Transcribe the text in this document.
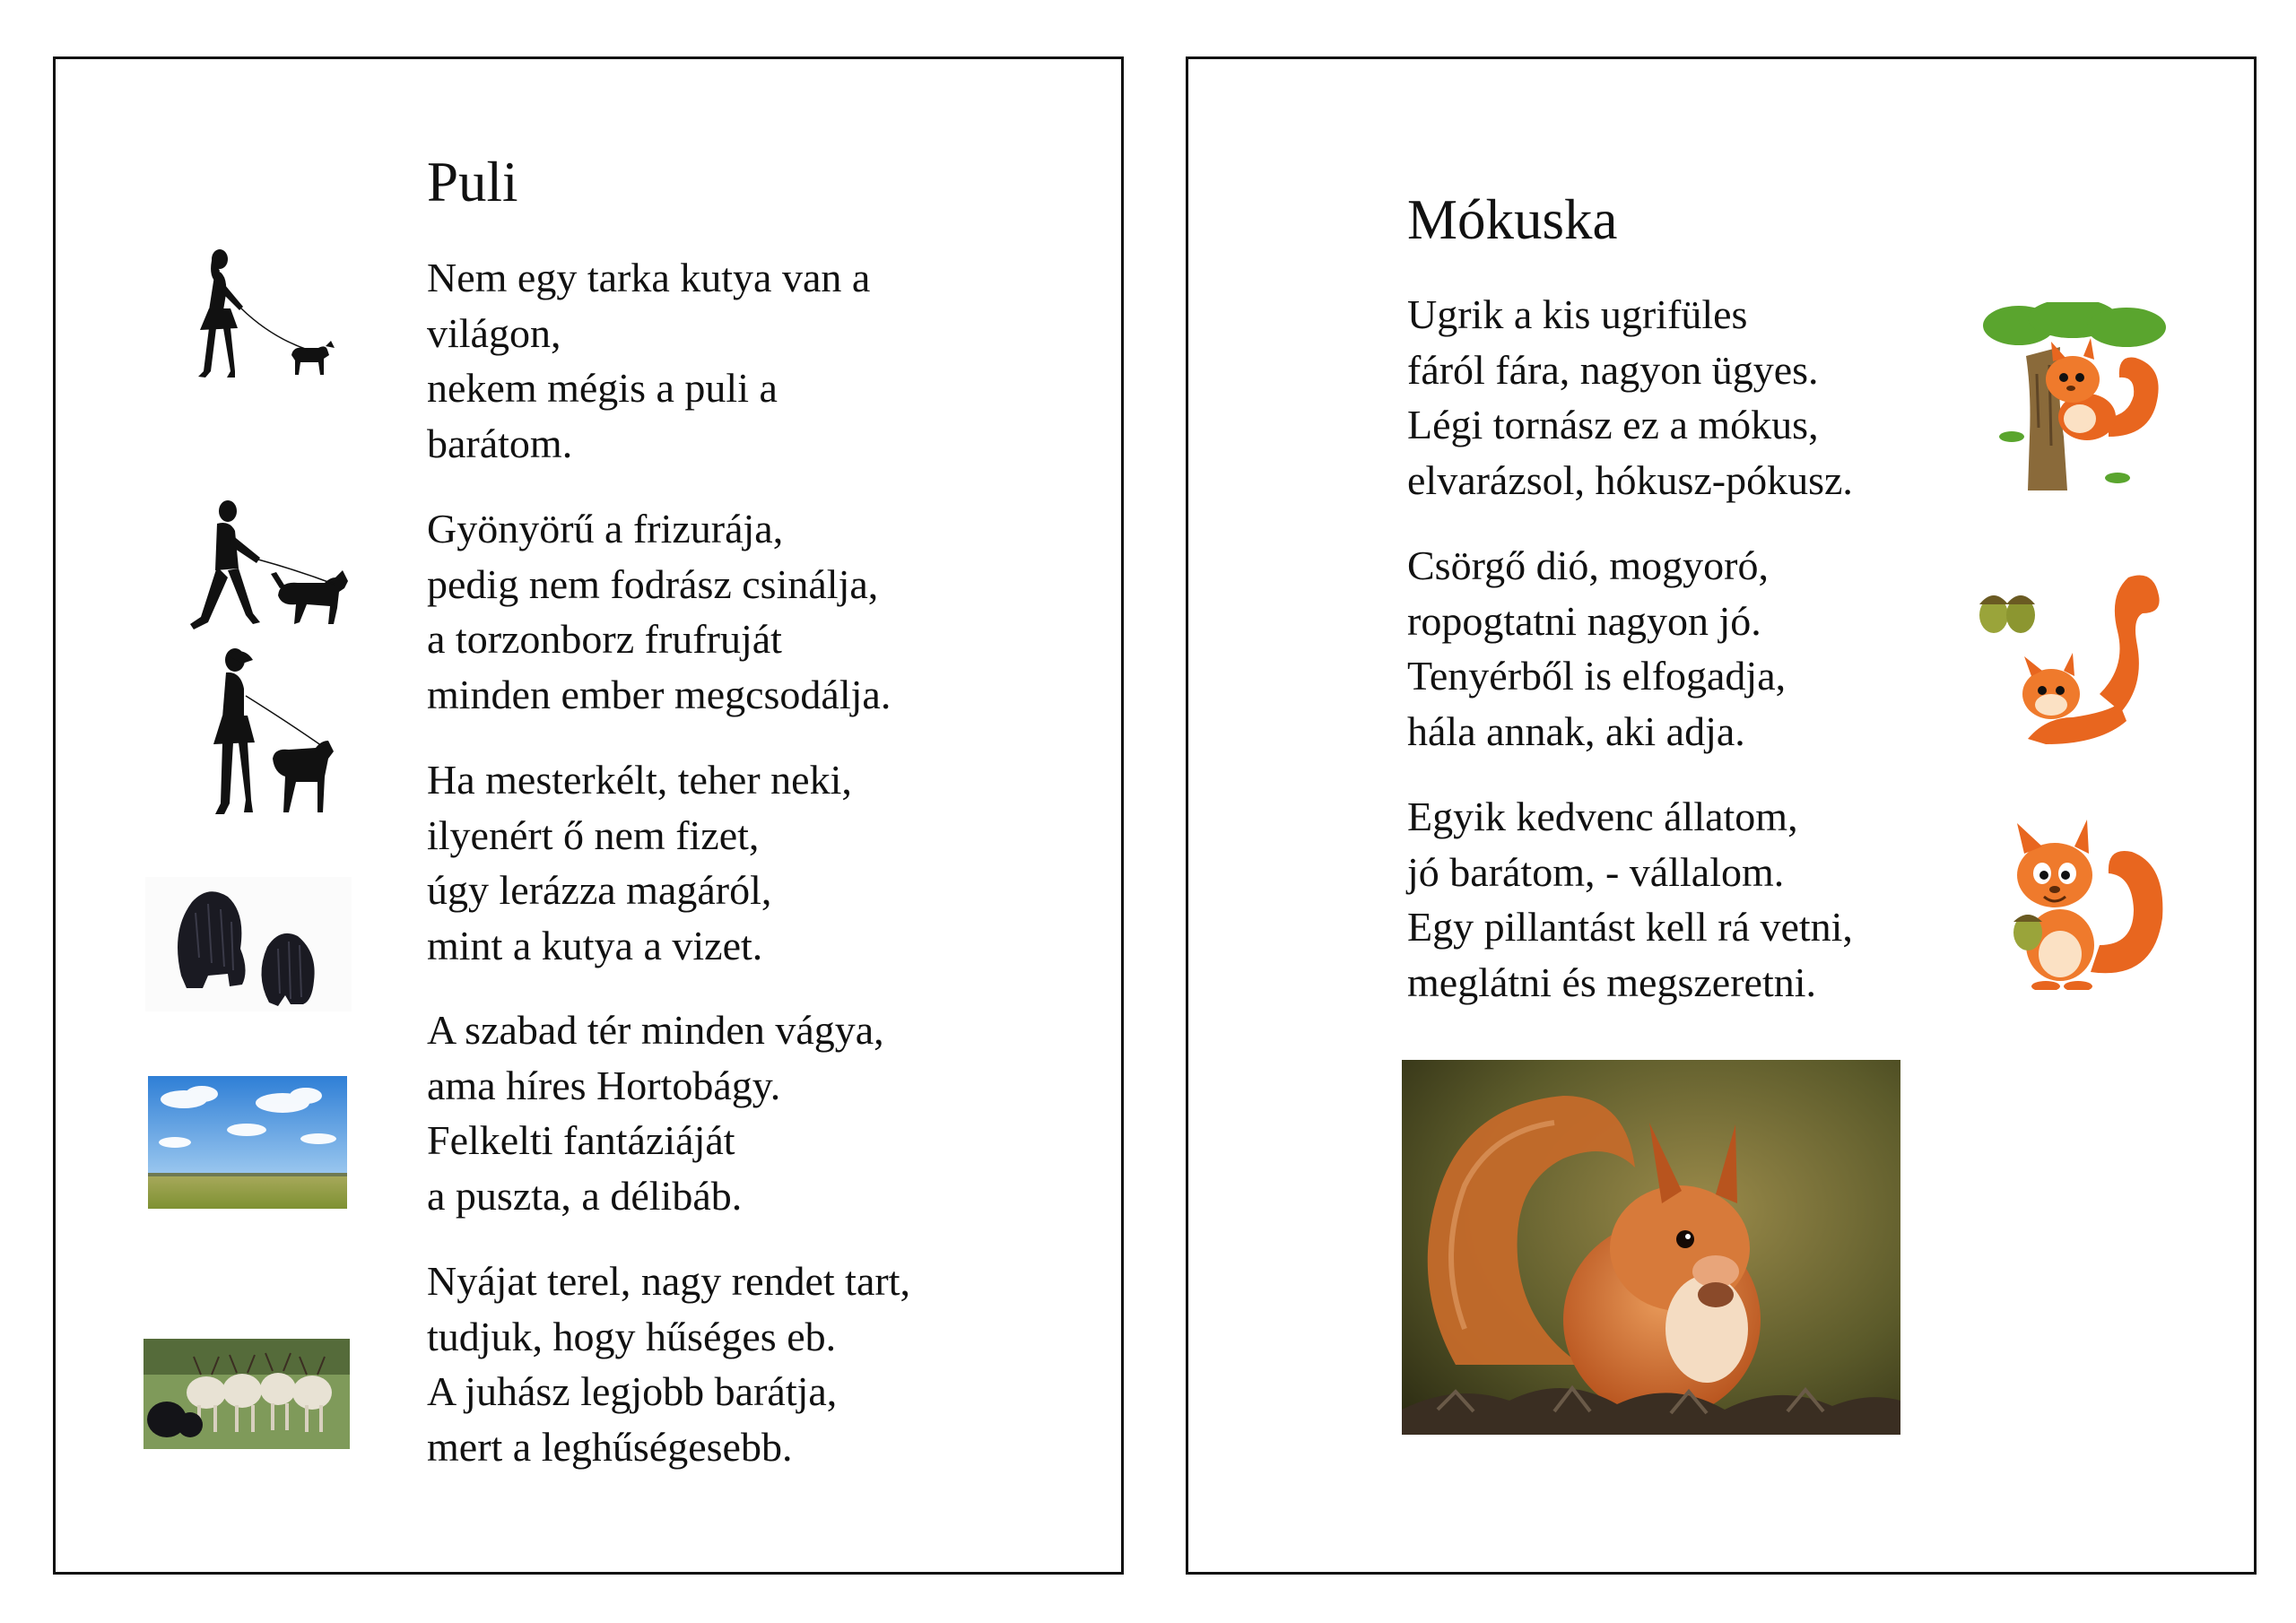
Puli
Nem egy tarka kutya van a
világon,
nekem mégis a puli a
barátom.
Gyönyörű a frizurája,
pedig nem fodrász csinálja,
a torzonborz frufruját
minden ember megcsodálja.
Ha mesterkélt, teher neki,
ilyenért ő nem fizet,
úgy lerázza magáról,
mint a kutya a vizet.
A szabad tér minden vágya,
ama híres Hortobágy.
Felkelti fantáziáját
a puszta, a délibáb.
Nyájat terel, nagy rendet tart,
tudjuk, hogy hűséges eb.
A juhász legjobb barátja,
mert a leghűségesebb.
Mókuska
Ugrik a kis ugrifüles
fáról fára, nagyon ügyes.
Légi tornász ez a mókus,
elvarázsol, hókusz-pókusz.
Csörgő dió, mogyoró,
ropogtatni nagyon jó.
Tenyérből is elfogadja,
hála annak, aki adja.
Egyik kedvenc állatom,
jó barátom, - vállalom.
Egy pillantást kell rá vetni,
meglátni és megszeretni.
